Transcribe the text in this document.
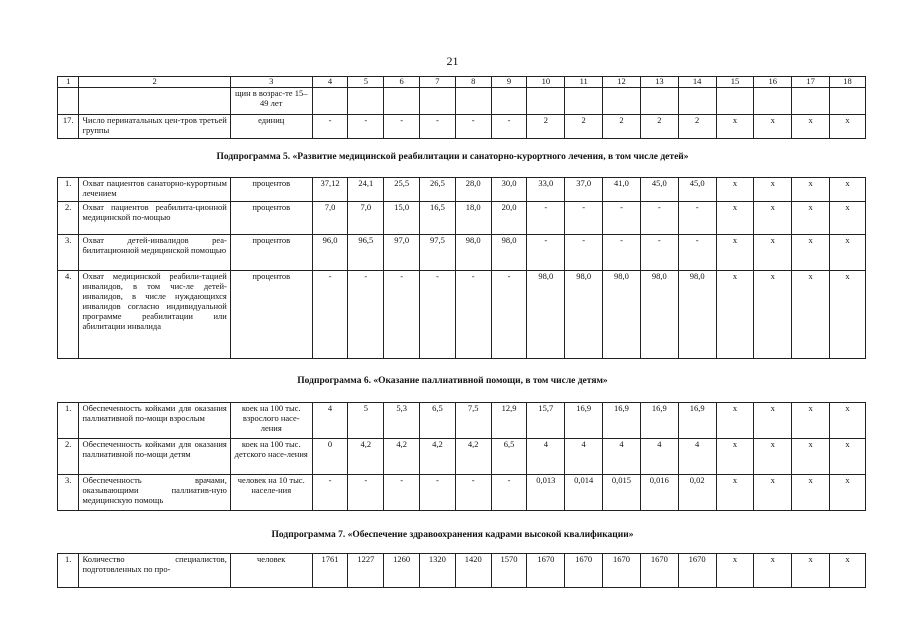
21
1	2	3	4	5	6	7	8	9	10	11	12	13	14	15	16	17	18
		щин в возрас-те 15–49 лет															
17.	Число перинатальных цен-тров третьей группы	единиц	-	-	-	-	-	-	2	2	2	2	2	x	x	x	x
Подпрограмма 5. «Развитие медицинской реабилитации и санаторно-курортного лечения, в том числе детей»
1.	Охват пациентов санаторно-курортным лечением	процентов	37,12	24,1	25,5	26,5	28,0	30,0	33,0	37,0	41,0	45,0	45,0	x	x	x	x
2.	Охват пациентов реабилита-ционной медицинской по-мощью	процентов	7,0	7,0	15,0	16,5	18,0	20,0	-	-	-	-	-	x	x	x	x
3.	Охват детей-инвалидов реа-билитационной медицинской помощью	процентов	96,0	96,5	97,0	97,5	98,0	98,0	-	-	-	-	-	x	x	x	x
4.	Охват медицинской реабили-тацией инвалидов, в том чис-ле детей-инвалидов, в числе нуждающихся инвалидов согласно индивидуальной программе реабилитации или абилитации инвалида	процентов	-	-	-	-	-	-	98,0	98,0	98,0	98,0	98,0	x	x	x	x
Подпрограмма 6. «Оказание паллиативной помощи, в том числе детям»
1.	Обеспеченность койками для оказания паллиативной по-мощи взрослым	коек на 100 тыс. взрослого насе-ления	4	5	5,3	6,5	7,5	12,9	15,7	16,9	16,9	16,9	16,9	x	x	x	x
2.	Обеспеченность койками для оказания паллиативной по-мощи детям	коек на 100 тыс. детского насе-ления	0	4,2	4,2	4,2	4,2	6,5	4	4	4	4	4	x	x	x	x
3.	Обеспеченность врачами, оказывающими паллиатив-ную медицинскую помощь	человек на 10 тыс. населе-ния	-	-	-	-	-	-	0,013	0,014	0,015	0,016	0,02	x	x	x	x
Подпрограмма 7. «Обеспечение здравоохранения кадрами высокой квалификации»
1.	Количество специалистов, подготовленных по про-	человек	1761	1227	1260	1320	1420	1570	1670	1670	1670	1670	1670	x	x	x	x
